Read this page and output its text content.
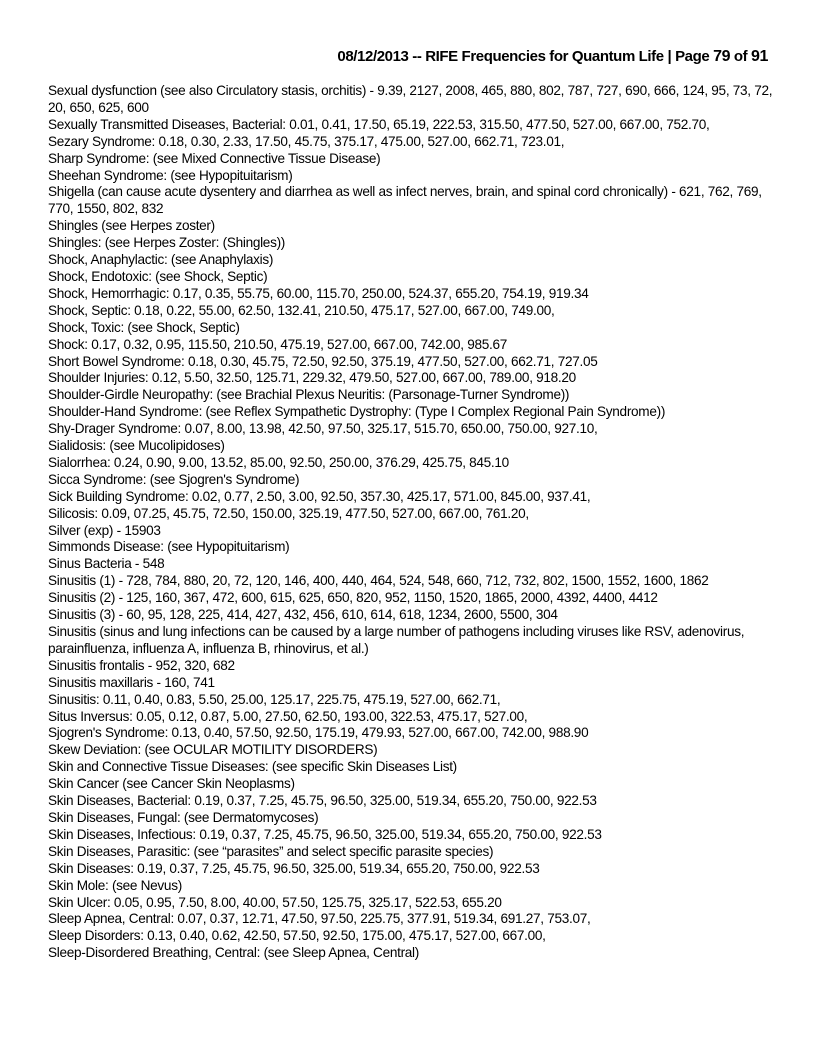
08/12/2013 -- RIFE Frequencies for Quantum Life | Page 79 of 91
Sexual dysfunction (see also Circulatory stasis, orchitis) - 9.39, 2127, 2008, 465, 880, 802, 787, 727, 690, 666, 124, 95, 73, 72, 20, 650, 625, 600
Sexually Transmitted Diseases, Bacterial: 0.01, 0.41, 17.50, 65.19, 222.53, 315.50, 477.50, 527.00, 667.00, 752.70,
Sezary Syndrome: 0.18, 0.30, 2.33, 17.50, 45.75, 375.17, 475.00, 527.00, 662.71, 723.01,
Sharp Syndrome: (see Mixed Connective Tissue Disease)
Sheehan Syndrome: (see Hypopituitarism)
Shigella (can cause acute dysentery and diarrhea as well as infect nerves, brain, and spinal cord chronically) - 621, 762, 769, 770, 1550, 802, 832
Shingles (see Herpes zoster)
Shingles: (see Herpes Zoster: (Shingles))
Shock, Anaphylactic: (see Anaphylaxis)
Shock, Endotoxic: (see Shock, Septic)
Shock, Hemorrhagic: 0.17, 0.35, 55.75, 60.00, 115.70, 250.00, 524.37, 655.20, 754.19, 919.34
Shock, Septic: 0.18, 0.22, 55.00, 62.50, 132.41, 210.50, 475.17, 527.00, 667.00, 749.00,
Shock, Toxic: (see Shock, Septic)
Shock: 0.17, 0.32, 0.95, 115.50, 210.50, 475.19, 527.00, 667.00, 742.00, 985.67
Short Bowel Syndrome: 0.18, 0.30, 45.75, 72.50, 92.50, 375.19, 477.50, 527.00, 662.71, 727.05
Shoulder Injuries: 0.12, 5.50, 32.50, 125.71, 229.32, 479.50, 527.00, 667.00, 789.00, 918.20
Shoulder-Girdle Neuropathy: (see Brachial Plexus Neuritis: (Parsonage-Turner Syndrome))
Shoulder-Hand Syndrome: (see Reflex Sympathetic Dystrophy: (Type I Complex Regional Pain Syndrome))
Shy-Drager Syndrome: 0.07, 8.00, 13.98, 42.50, 97.50, 325.17, 515.70, 650.00, 750.00, 927.10,
Sialidosis: (see Mucolipidoses)
Sialorrhea: 0.24, 0.90, 9.00, 13.52, 85.00, 92.50, 250.00, 376.29, 425.75, 845.10
Sicca Syndrome: (see Sjogren's Syndrome)
Sick Building Syndrome: 0.02, 0.77, 2.50, 3.00, 92.50, 357.30, 425.17, 571.00, 845.00, 937.41,
Silicosis: 0.09, 07.25, 45.75, 72.50, 150.00, 325.19, 477.50, 527.00, 667.00, 761.20,
Silver (exp) - 15903
Simmonds Disease: (see Hypopituitarism)
Sinus Bacteria - 548
Sinusitis (1) - 728, 784, 880, 20, 72, 120, 146, 400, 440, 464, 524, 548, 660, 712, 732, 802, 1500, 1552, 1600, 1862
Sinusitis (2) - 125, 160, 367, 472, 600, 615, 625, 650, 820, 952, 1150, 1520, 1865, 2000, 4392, 4400, 4412
Sinusitis (3) - 60, 95, 128, 225, 414, 427, 432, 456, 610, 614, 618, 1234, 2600, 5500, 304
Sinusitis (sinus and lung infections can be caused by a large number of pathogens including viruses like RSV, adenovirus, parainfluenza, influenza A, influenza B, rhinovirus, et al.)
Sinusitis frontalis - 952, 320, 682
Sinusitis maxillaris - 160, 741
Sinusitis: 0.11, 0.40, 0.83, 5.50, 25.00, 125.17, 225.75, 475.19, 527.00, 662.71,
Situs Inversus: 0.05, 0.12, 0.87, 5.00, 27.50, 62.50, 193.00, 322.53, 475.17, 527.00,
Sjogren's Syndrome: 0.13, 0.40, 57.50, 92.50, 175.19, 479.93, 527.00, 667.00, 742.00, 988.90
Skew Deviation: (see OCULAR MOTILITY DISORDERS)
Skin and Connective Tissue Diseases: (see specific Skin Diseases List)
Skin Cancer (see Cancer Skin Neoplasms)
Skin Diseases, Bacterial: 0.19, 0.37, 7.25, 45.75, 96.50, 325.00, 519.34, 655.20, 750.00, 922.53
Skin Diseases, Fungal: (see Dermatomycoses)
Skin Diseases, Infectious: 0.19, 0.37, 7.25, 45.75, 96.50, 325.00, 519.34, 655.20, 750.00, 922.53
Skin Diseases, Parasitic: (see “parasites” and select specific parasite species)
Skin Diseases: 0.19, 0.37, 7.25, 45.75, 96.50, 325.00, 519.34, 655.20, 750.00, 922.53
Skin Mole: (see Nevus)
Skin Ulcer: 0.05, 0.95, 7.50, 8.00, 40.00, 57.50, 125.75, 325.17, 522.53, 655.20
Sleep Apnea, Central: 0.07, 0.37, 12.71, 47.50, 97.50, 225.75, 377.91, 519.34, 691.27, 753.07,
Sleep Disorders: 0.13, 0.40, 0.62, 42.50, 57.50, 92.50, 175.00, 475.17, 527.00, 667.00,
Sleep-Disordered Breathing, Central: (see Sleep Apnea, Central)
